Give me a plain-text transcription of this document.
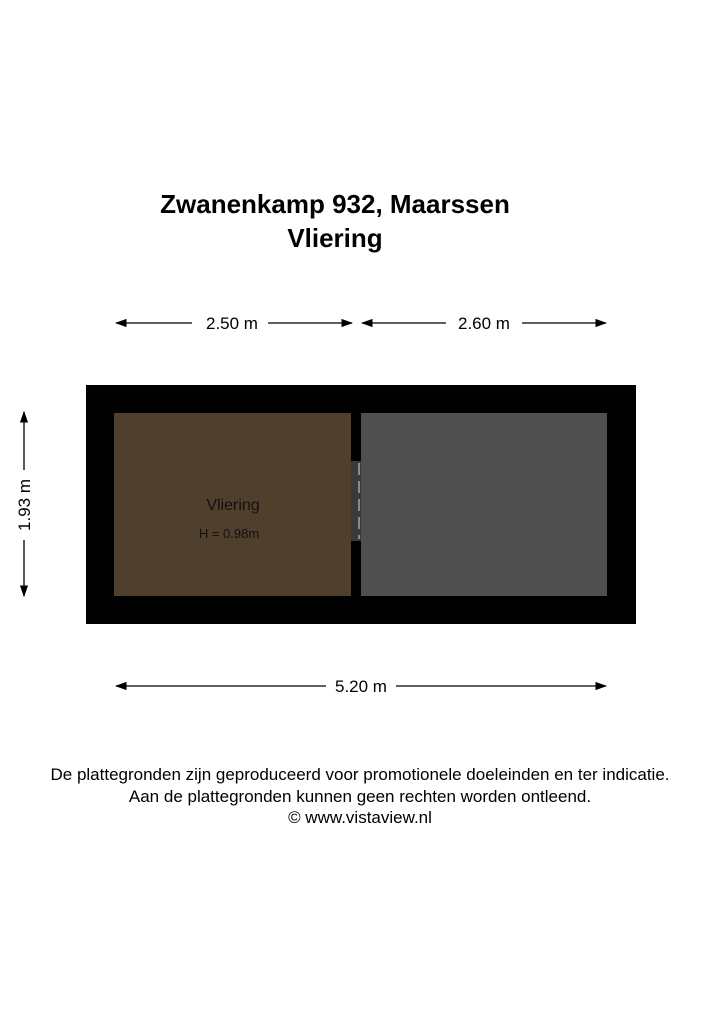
Zwanenkamp 932, Maarssen
Vliering
2.50 m	2.60 m
1.93 m	Vliering
H = 0.98m
5.20 m
De plattegronden zijn geproduceerd voor promotionele doeleinden en ter indicatie.
Aan de plattegronden kunnen geen rechten worden ontleend.
© www.vistaview.nl
